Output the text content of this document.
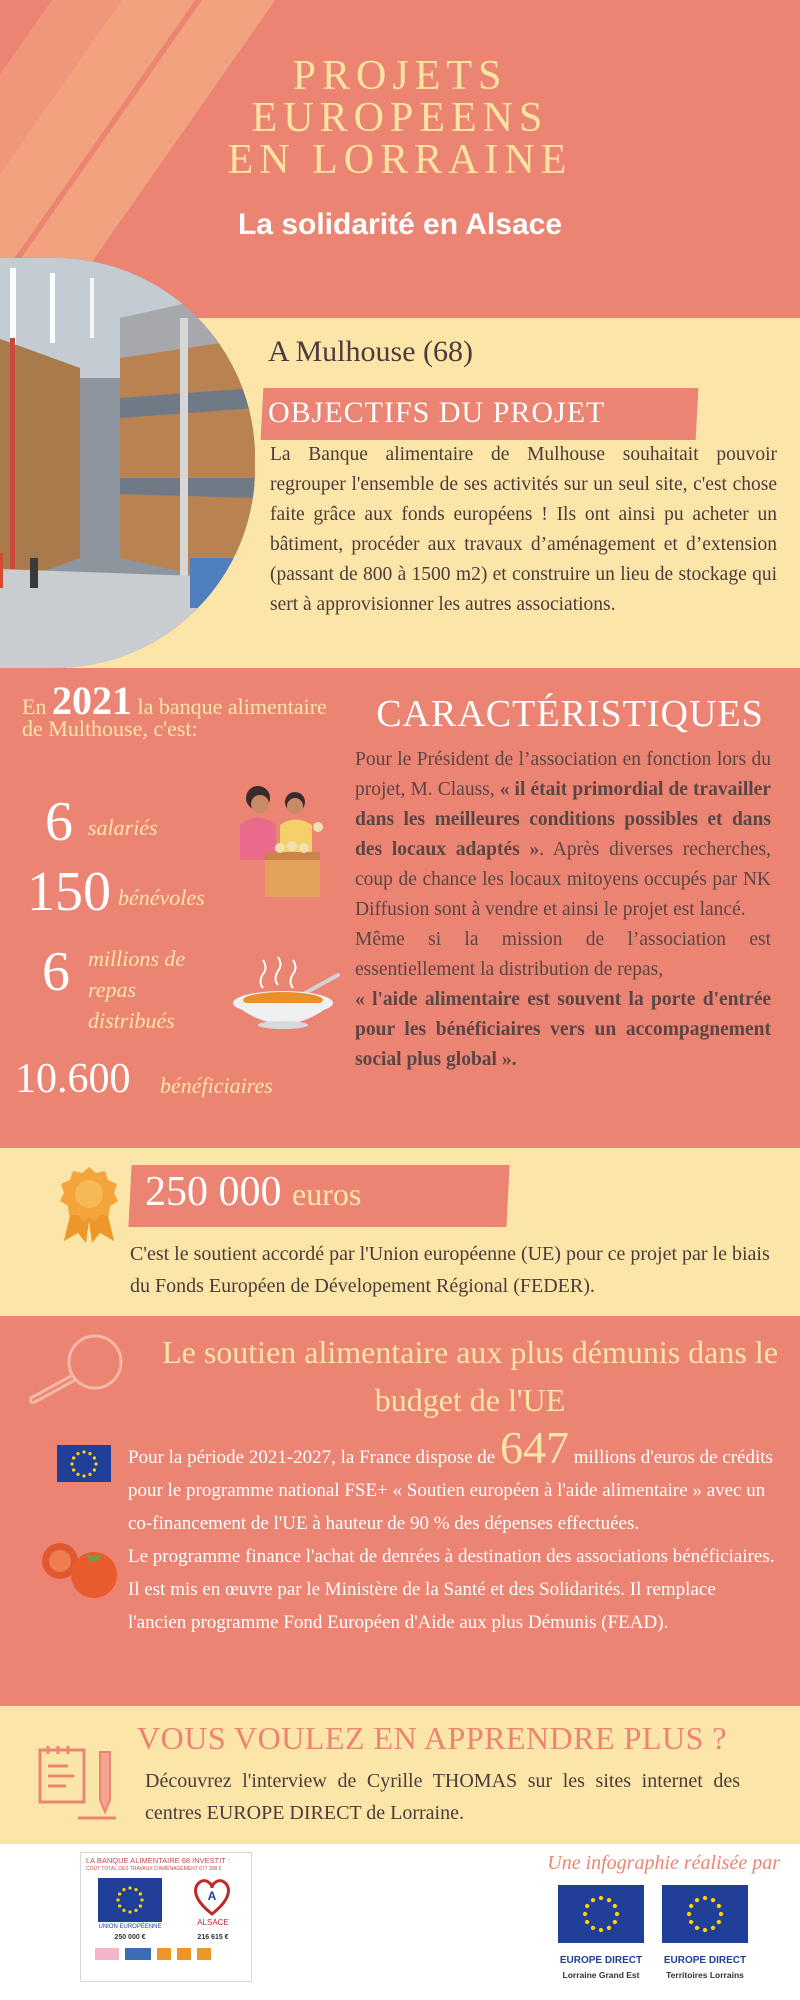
PROJETS
EUROPEENS
EN LORRAINE
La solidarité en Alsace
A Mulhouse (68)
OBJECTIFS DU PROJET
La Banque alimentaire de Mulhouse souhaitait pouvoir regrouper l'ensemble de ses activités sur un seul site, c'est chose faite grâce aux fonds européens ! Ils ont ainsi pu acheter un bâtiment, procéder aux travaux d’aménagement et d’extension (passant de 800 à 1500 m2) et construire un lieu de stockage qui sert à approvisionner les autres associations.
En 2021 la banque alimentaire de Multhouse, c'est:
6 salariés
150 bénévoles
6 millions de repas distribués
10.600 bénéficiaires
CARACTÉRISTIQUES
Pour le Président de l’association en fonction lors du projet, M. Clauss, « il était primordial de travailler dans les meilleures conditions possibles et dans des locaux adaptés ». Après diverses recherches, coup de chance les locaux mitoyens occupés par NK Diffusion sont à vendre et ainsi le projet est lancé.
Même si la mission de l’association est essentiellement la distribution de repas,
« l'aide alimentaire est souvent la porte d'entrée pour les bénéficiaires vers un accompagnement social plus global ».
250 000 euros
C'est le soutient accordé par l'Union européenne (UE) pour ce projet par le biais du Fonds Européen de Dévelopement Régional (FEDER).
Le soutien alimentaire aux plus démunis dans le budget de l'UE
Pour la période 2021-2027, la France dispose de 647 millions d'euros de crédits pour le programme national FSE+ « Soutien européen à l'aide alimentaire » avec un co-financement de l'UE à hauteur de 90 % des dépenses effectuées.
Le programme finance l'achat de denrées à destination des associations bénéficiaires. Il est mis en œuvre par le Ministère de la Santé et des Solidarités. Il remplace l'ancien programme Fond Européen d'Aide aux plus Démunis (FEAD).
VOUS VOULEZ EN APPRENDRE PLUS ?
Découvrez l'interview de Cyrille THOMAS sur les sites internet des centres EUROPE DIRECT de Lorraine.
LA BANQUE ALIMENTAIRE 68 INVESTIT :
COÛT TOTAL DES TRAVAUX D'AMÉNAGEMENT 677 308 €
UNION EUROPÉENNE
250 000 €
A
ALSACE
216 615 €
Une infographie réalisée par
EUROPE DIRECT
Lorraine Grand Est
EUROPE DIRECT
Territoires Lorrains
